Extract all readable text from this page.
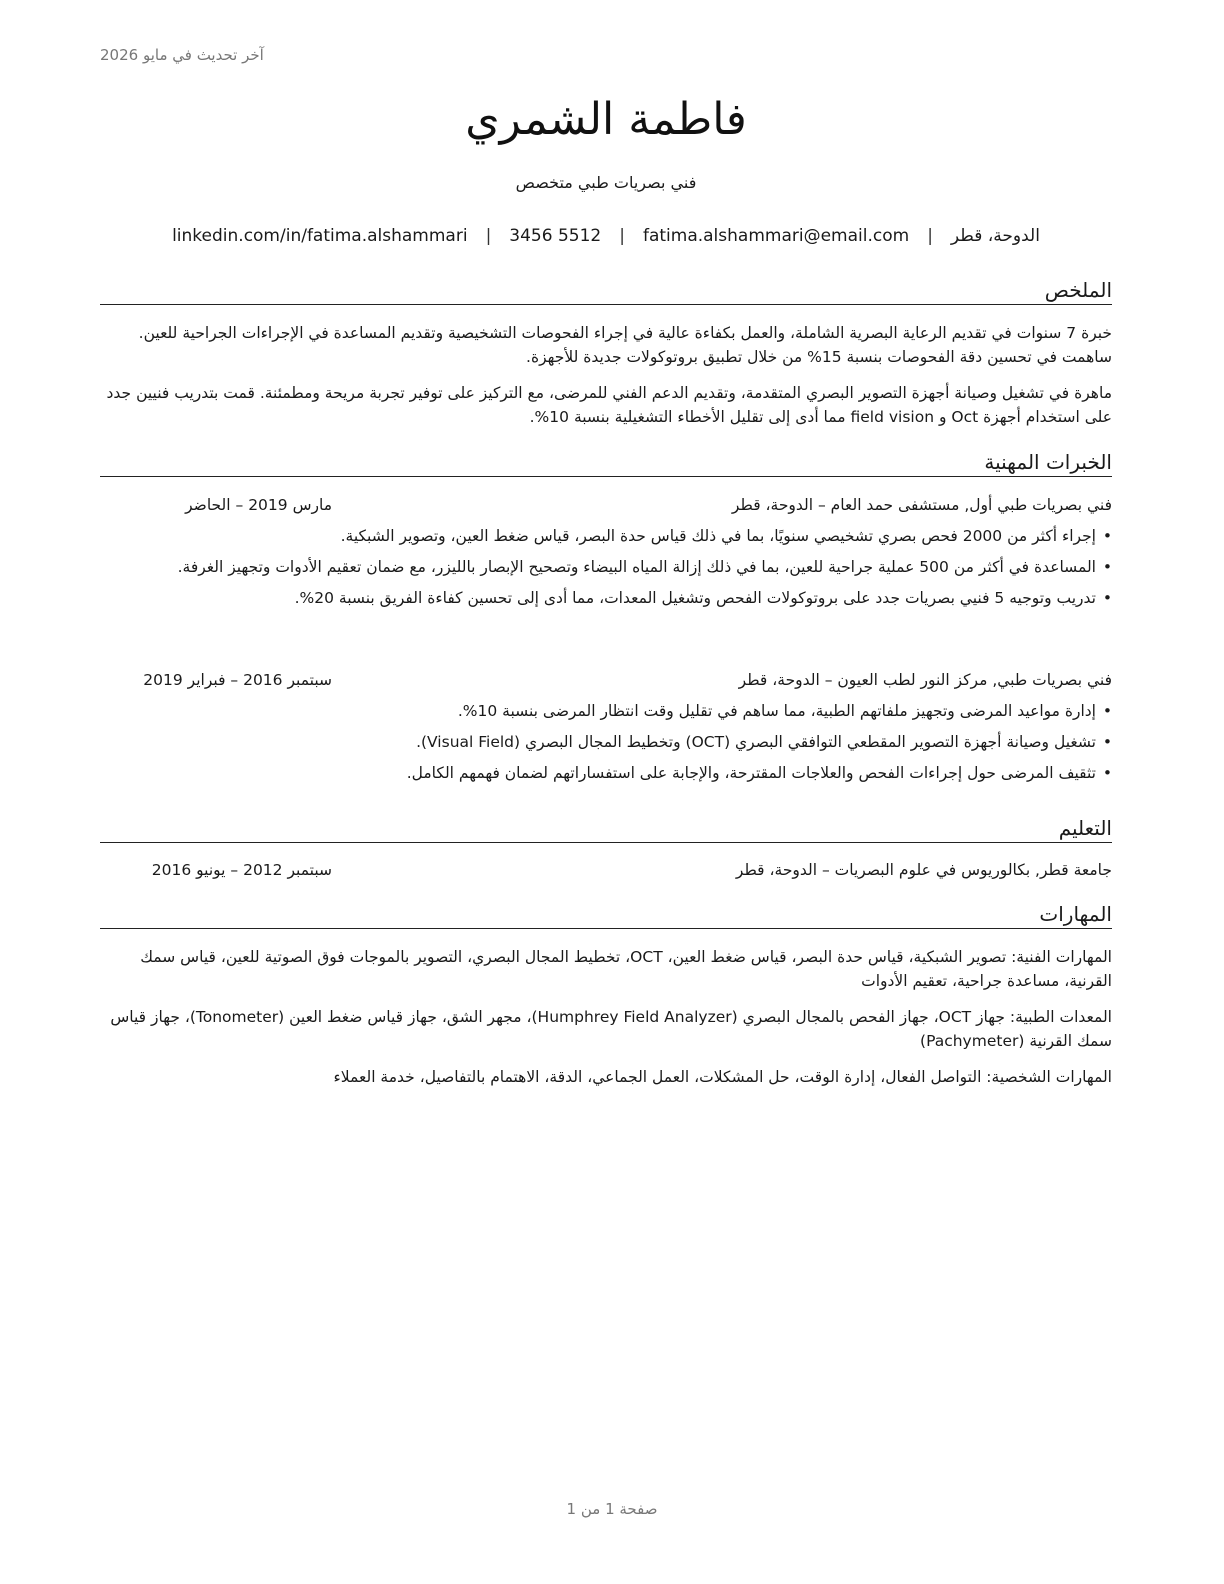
آخر تحديث في مايو 2026
فاطمة الشمري
فني بصريات طبي متخصص
الدوحة، قطر
|
fatima.alshammari@email.com
|
3456 5512
|
linkedin.com/in/fatima.alshammari
الملخص
خبرة 7 سنوات في تقديم الرعاية البصرية الشاملة، والعمل بكفاءة عالية في إجراء الفحوصات التشخيصية وتقديم المساعدة في الإجراءات الجراحية للعين. ساهمت في تحسين دقة الفحوصات بنسبة 15% من خلال تطبيق بروتوكولات جديدة للأجهزة.
ماهرة في تشغيل وصيانة أجهزة التصوير البصري المتقدمة، وتقديم الدعم الفني للمرضى، مع التركيز على توفير تجربة مريحة ومطمئنة. قمت بتدريب فنيين جدد على استخدام أجهزة Oct و field vision مما أدى إلى تقليل الأخطاء التشغيلية بنسبة 10%.
الخبرات المهنية
فني بصريات طبي أول, مستشفى حمد العام – الدوحة، قطر
مارس 2019 – الحاضر
•
إجراء أكثر من 2000 فحص بصري تشخيصي سنويًا، بما في ذلك قياس حدة البصر، قياس ضغط العين، وتصوير الشبكية.
•
المساعدة في أكثر من 500 عملية جراحية للعين، بما في ذلك إزالة المياه البيضاء وتصحيح الإبصار بالليزر، مع ضمان تعقيم الأدوات وتجهيز الغرفة.
•
تدريب وتوجيه 5 فنيي بصريات جدد على بروتوكولات الفحص وتشغيل المعدات، مما أدى إلى تحسين كفاءة الفريق بنسبة 20%.
فني بصريات طبي, مركز النور لطب العيون – الدوحة، قطر
سبتمبر 2016 – فبراير 2019
•
إدارة مواعيد المرضى وتجهيز ملفاتهم الطبية، مما ساهم في تقليل وقت انتظار المرضى بنسبة 10%.
•
تشغيل وصيانة أجهزة التصوير المقطعي التوافقي البصري (OCT) وتخطيط المجال البصري (Visual Field).
•
تثقيف المرضى حول إجراءات الفحص والعلاجات المقترحة، والإجابة على استفساراتهم لضمان فهمهم الكامل.
التعليم
جامعة قطر, بكالوريوس في علوم البصريات – الدوحة، قطر
سبتمبر 2012 – يونيو 2016
المهارات
المهارات الفنية: تصوير الشبكية، قياس حدة البصر، قياس ضغط العين، OCT، تخطيط المجال البصري، التصوير بالموجات فوق الصوتية للعين، قياس سمك القرنية، مساعدة جراحية، تعقيم الأدوات
المعدات الطبية: جهاز OCT، جهاز الفحص بالمجال البصري (Humphrey Field Analyzer)، مجهر الشق، جهاز قياس ضغط العين (Tonometer)، جهاز قياس سمك القرنية (Pachymeter)
المهارات الشخصية: التواصل الفعال، إدارة الوقت، حل المشكلات، العمل الجماعي، الدقة، الاهتمام بالتفاصيل، خدمة العملاء
صفحة 1 من 1
